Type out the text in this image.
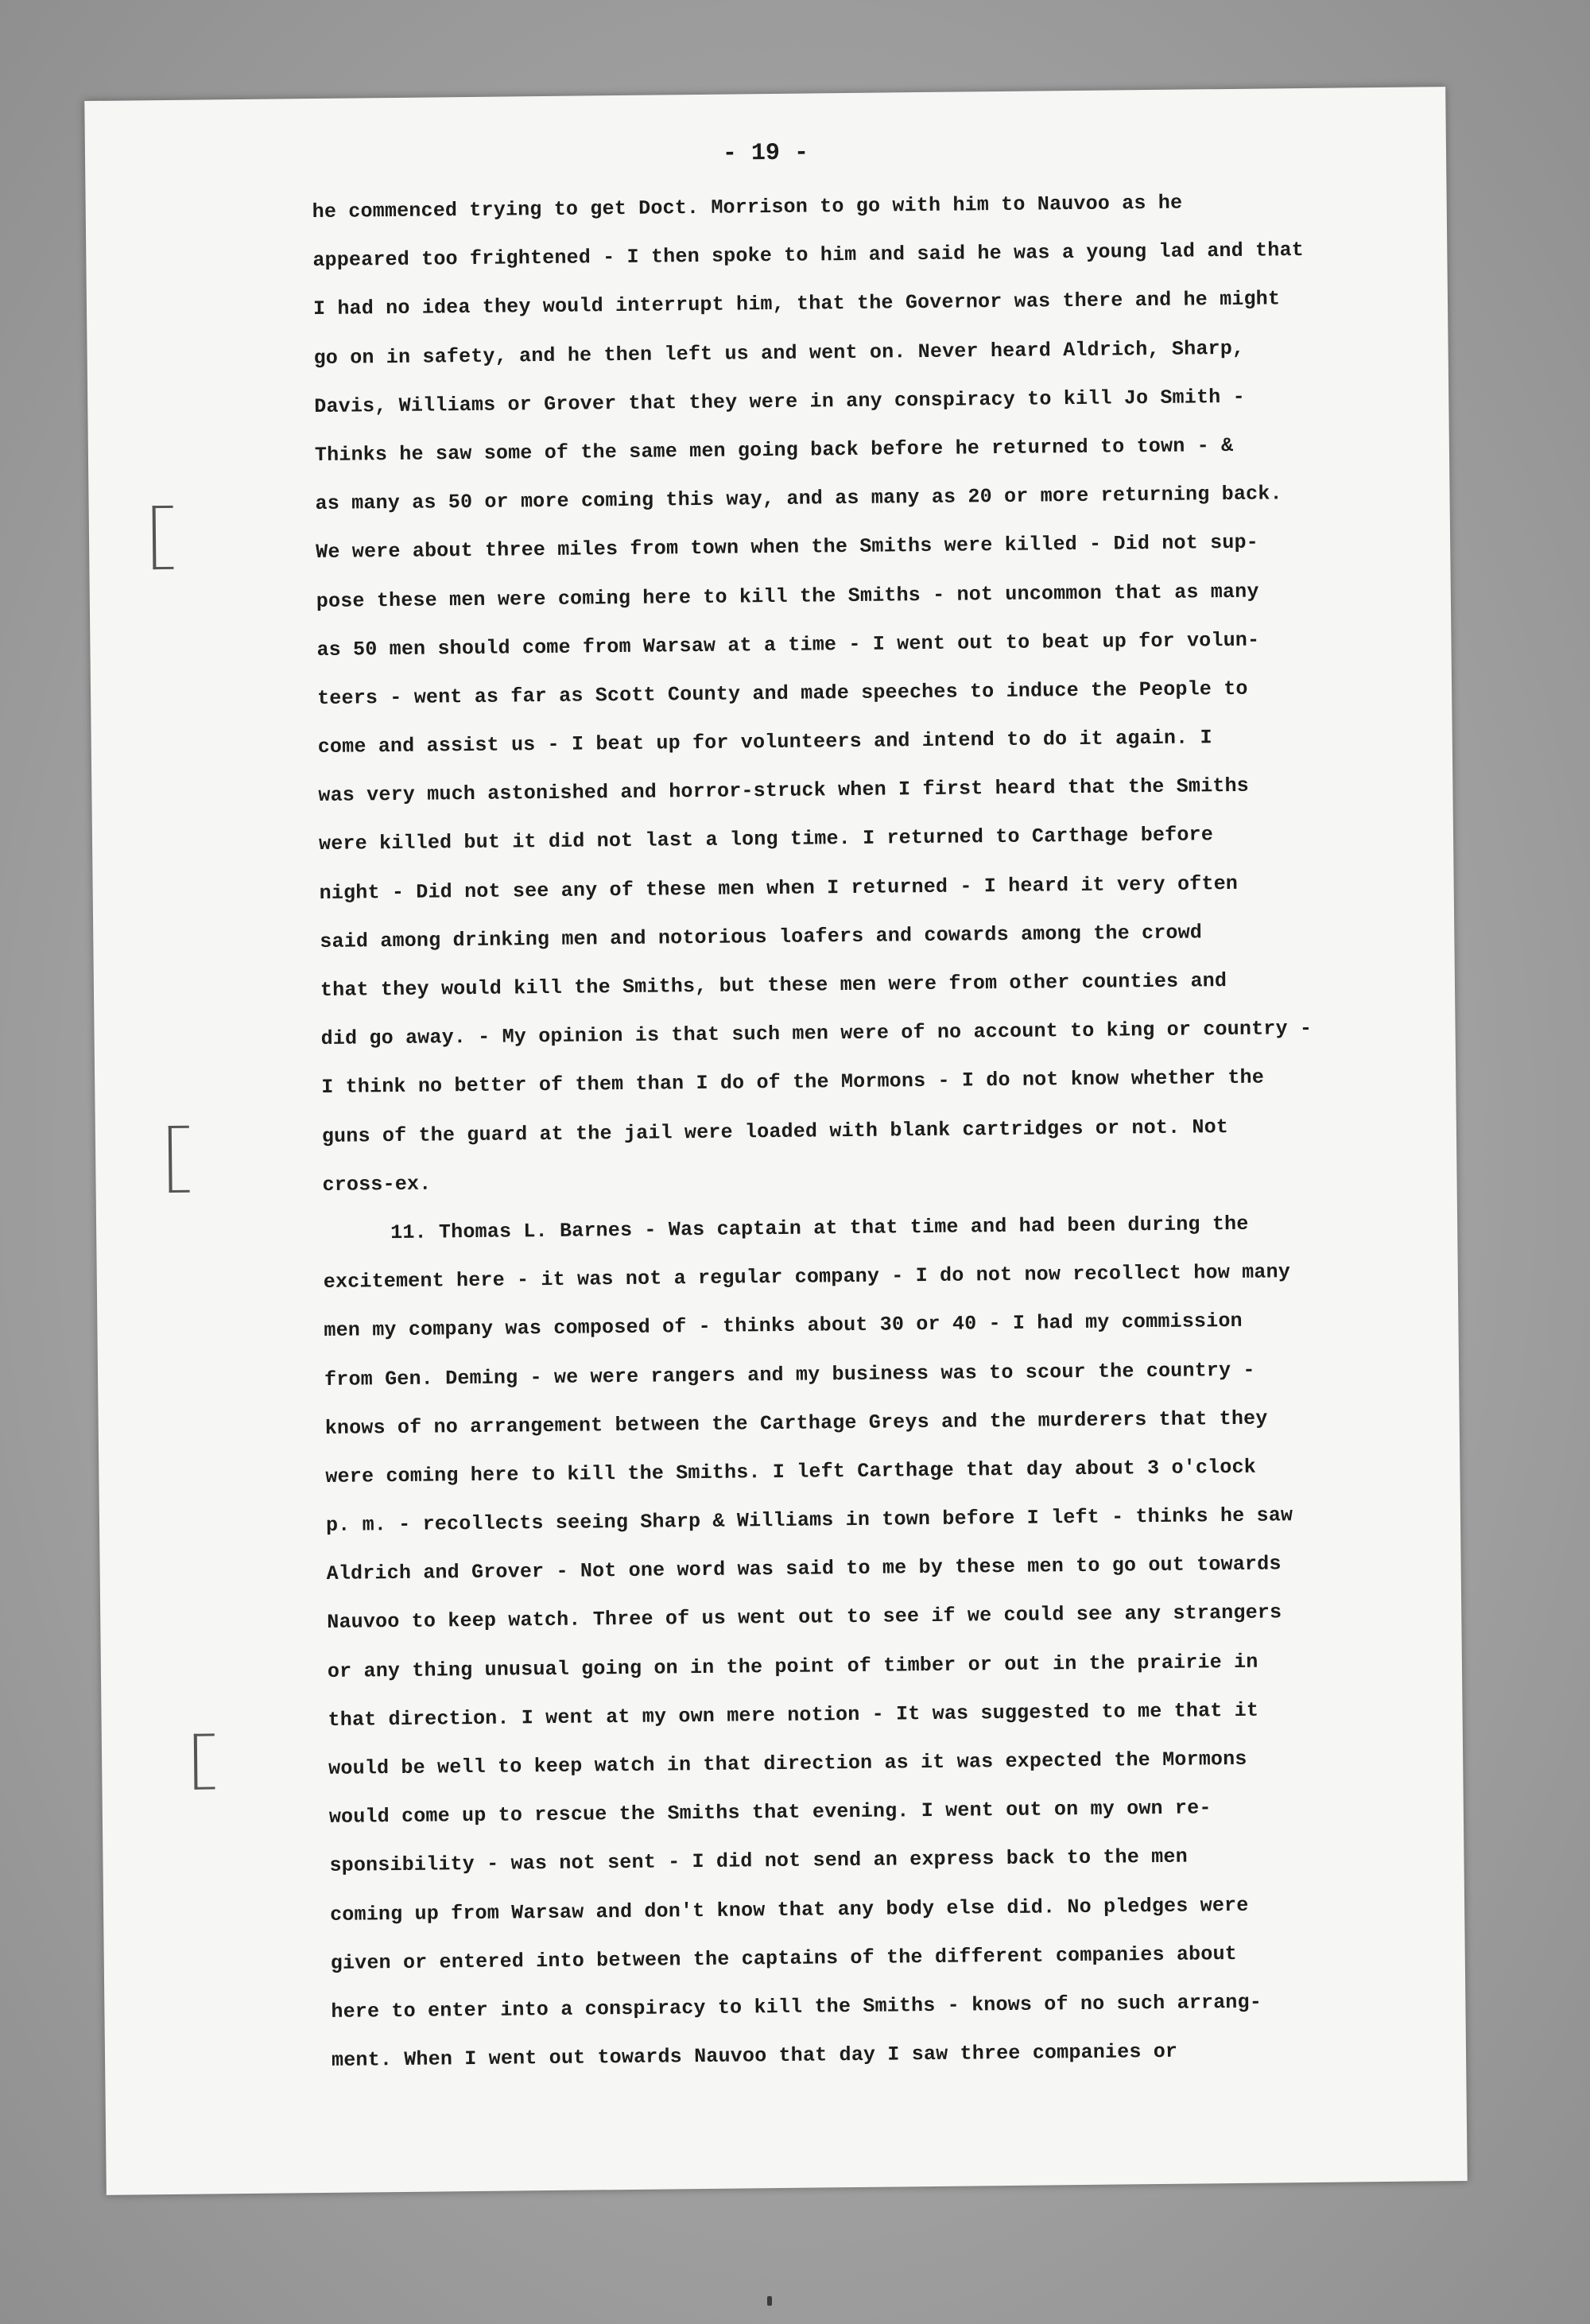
- 19 -
he commenced trying to get Doct. Morrison to go with him to Nauvoo as he
appeared too frightened - I then spoke to him and said he was a young lad and that
I had no idea they would interrupt him, that the Governor was there and he might
go on in safety, and he then left us and went on. Never heard Aldrich, Sharp,
Davis, Williams or Grover that they were in any conspiracy to kill Jo Smith -
Thinks he saw some of the same men going back before he returned to town - &
as many as 50 or more coming this way, and as many as 20 or more returning back.
We were about three miles from town when the Smiths were killed - Did not sup-
pose these men were coming here to kill the Smiths - not uncommon that as many
as 50 men should come from Warsaw at a time - I went out to beat up for volun-
teers - went as far as Scott County and made speeches to induce the People to
come and assist us - I beat up for volunteers and intend to do it again. I
was very much astonished and horror-struck when I first heard that the Smiths
were killed but it did not last a long time. I returned to Carthage before
night - Did not see any of these men when I returned - I heard it very often
said among drinking men and notorious loafers and cowards among the crowd
that they would kill the Smiths, but these men were from other counties and
did go away. - My opinion is that such men were of no account to king or country -
I think no better of them than I do of the Mormons - I do not know whether the
guns of the guard at the jail were loaded with blank cartridges or not. Not
cross-ex.
11. Thomas L. Barnes - Was captain at that time and had been during the
excitement here - it was not a regular company - I do not now recollect how many
men my company was composed of - thinks about 30 or 40 - I had my commission
from Gen. Deming - we were rangers and my business was to scour the country -
knows of no arrangement between the Carthage Greys and the murderers that they
were coming here to kill the Smiths. I left Carthage that day about 3 o'clock
p. m. - recollects seeing Sharp & Williams in town before I left - thinks he saw
Aldrich and Grover - Not one word was said to me by these men to go out towards
Nauvoo to keep watch. Three of us went out to see if we could see any strangers
or any thing unusual going on in the point of timber or out in the prairie in
that direction. I went at my own mere notion - It was suggested to me that it
would be well to keep watch in that direction as it was expected the Mormons
would come up to rescue the Smiths that evening. I went out on my own re-
sponsibility - was not sent - I did not send an express back to the men
coming up from Warsaw and don't know that any body else did. No pledges were
given or entered into between the captains of the different companies about
here to enter into a conspiracy to kill the Smiths - knows of no such arrang-
ment. When I went out towards Nauvoo that day I saw three companies or
